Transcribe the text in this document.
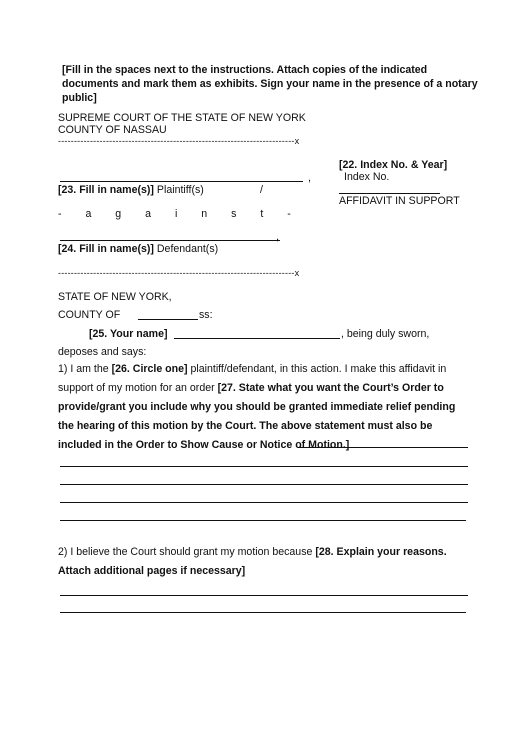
[Fill in the spaces next to the instructions. Attach copies of the indicated documents and mark them as exhibits. Sign your name in the presence of a notary public]
SUPREME COURT OF THE STATE OF NEW YORK
COUNTY OF NASSAU
--------------------------------------------------------------------------x
,
[23. Fill in name(s)] Plaintiff(s)	/
- a g a i n s t -
,
[24. Fill in name(s)] Defendant(s)
--------------------------------------------------------------------------x
[22. Index No. & Year]
Index No.
AFFIDAVIT IN SUPPORT
STATE OF NEW YORK,
COUNTY OF	ss:
[25. Your name]	, being duly sworn,
deposes and says:
1) I am the [26. Circle one] plaintiff/defendant, in this action. I make this affidavit in support of my motion for an order [27. State what you want the Court’s Order to provide/grant you include why you should be granted immediate relief pending the hearing of this motion by the Court. The above statement must also be included in the Order to Show Cause or Notice of Motion.]
2) I believe the Court should grant my motion because [28. Explain your reasons. Attach additional pages if necessary]
